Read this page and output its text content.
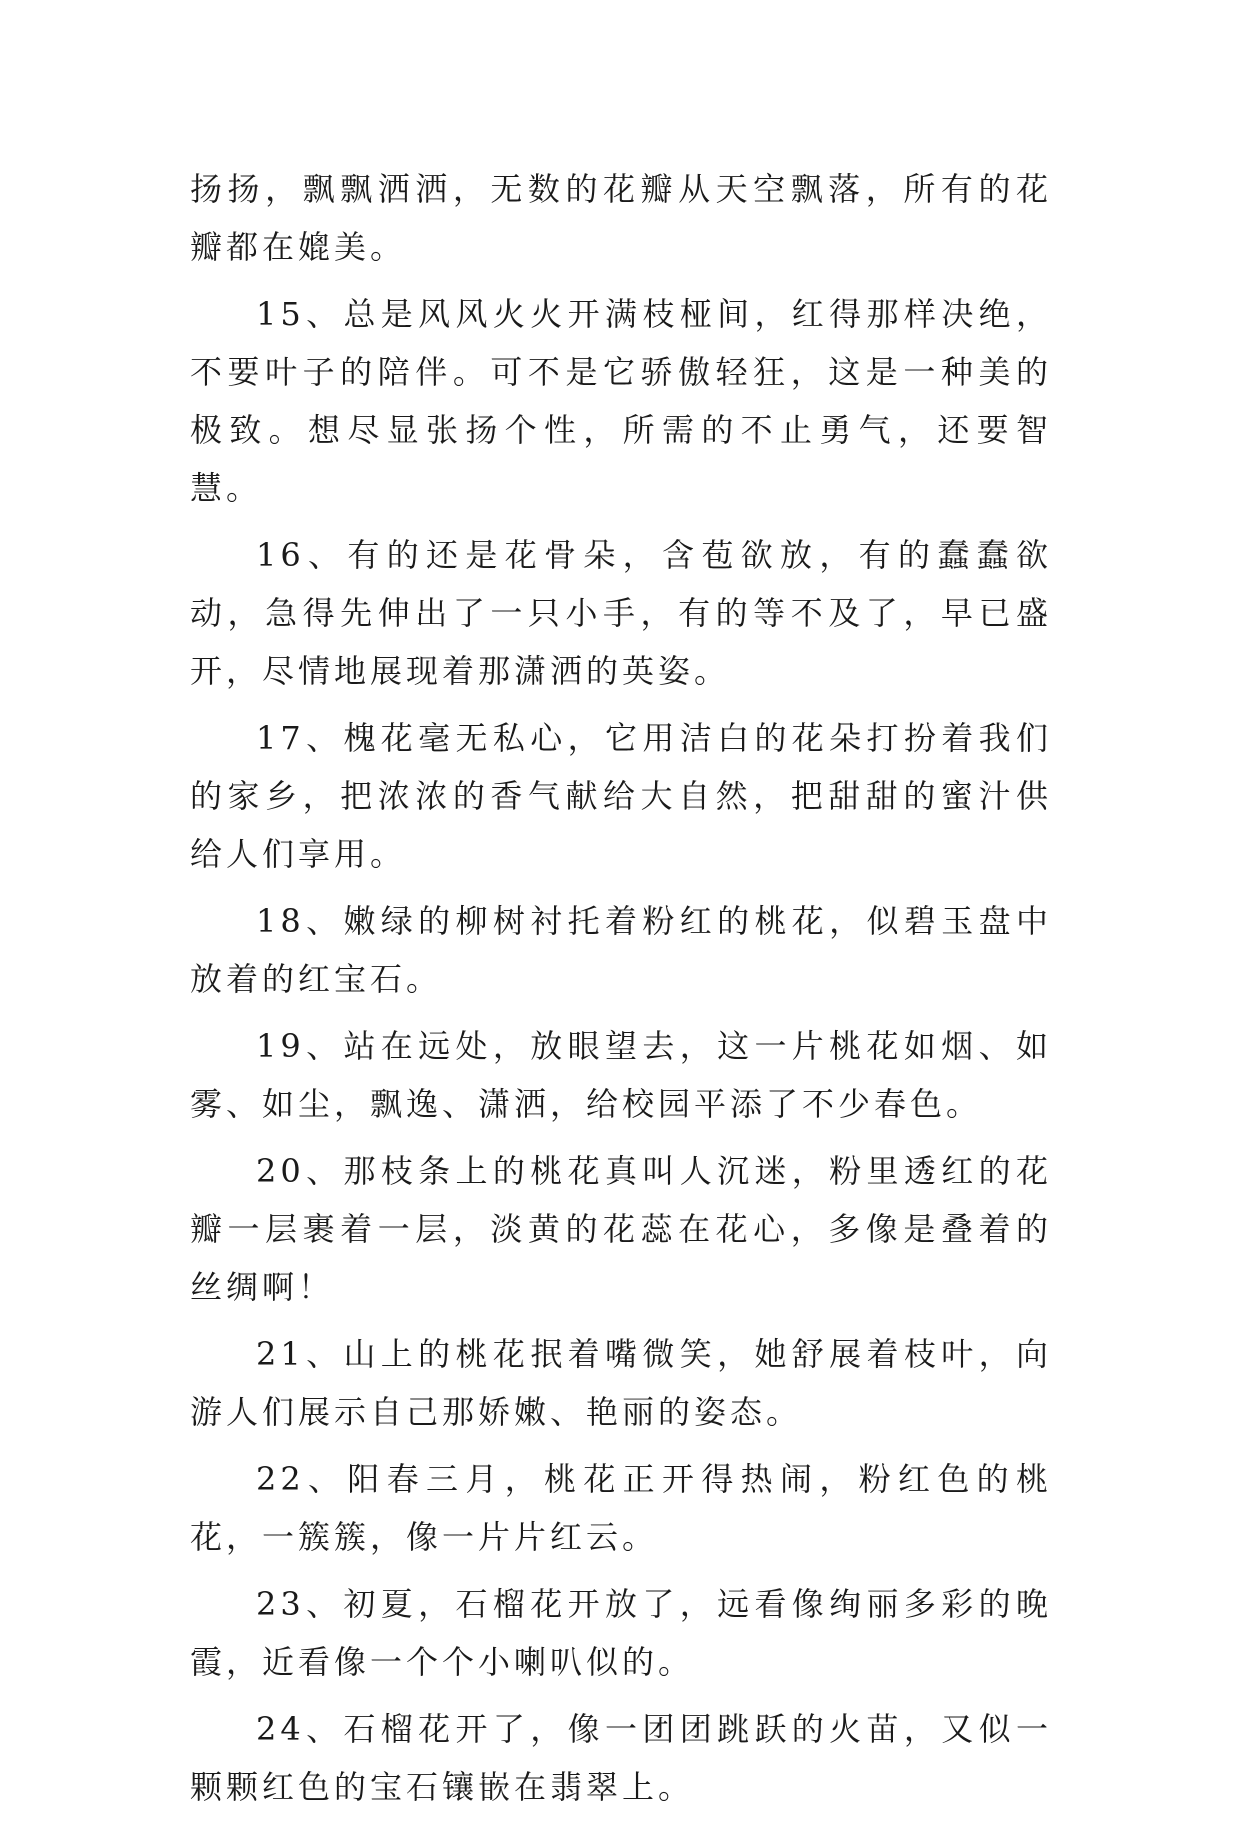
扬扬，飘飘洒洒，无数的花瓣从天空飘落，所有的花瓣都在媲美。

15、总是风风火火开满枝桠间，红得那样决绝，不要叶子的陪伴。可不是它骄傲轻狂，这是一种美的极致。想尽显张扬个性，所需的不止勇气，还要智慧。

16、有的还是花骨朵，含苞欲放，有的蠢蠢欲动，急得先伸出了一只小手，有的等不及了，早已盛开，尽情地展现着那潇洒的英姿。

17、槐花毫无私心，它用洁白的花朵打扮着我们的家乡，把浓浓的香气献给大自然，把甜甜的蜜汁供给人们享用。

18、嫩绿的柳树衬托着粉红的桃花，似碧玉盘中放着的红宝石。

19、站在远处，放眼望去，这一片桃花如烟、如雾、如尘，飘逸、潇洒，给校园平添了不少春色。

20、那枝条上的桃花真叫人沉迷，粉里透红的花瓣一层裹着一层，淡黄的花蕊在花心，多像是叠着的丝绸啊！

21、山上的桃花抿着嘴微笑，她舒展着枝叶，向游人们展示自己那娇嫩、艳丽的姿态。

22、阳春三月，桃花正开得热闹，粉红色的桃花，一簇簇，像一片片红云。

23、初夏，石榴花开放了，远看像绚丽多彩的晚霞，近看像一个个小喇叭似的。

24、石榴花开了，像一团团跳跃的火苗，又似一颗颗红色的宝石镶嵌在翡翠上。
